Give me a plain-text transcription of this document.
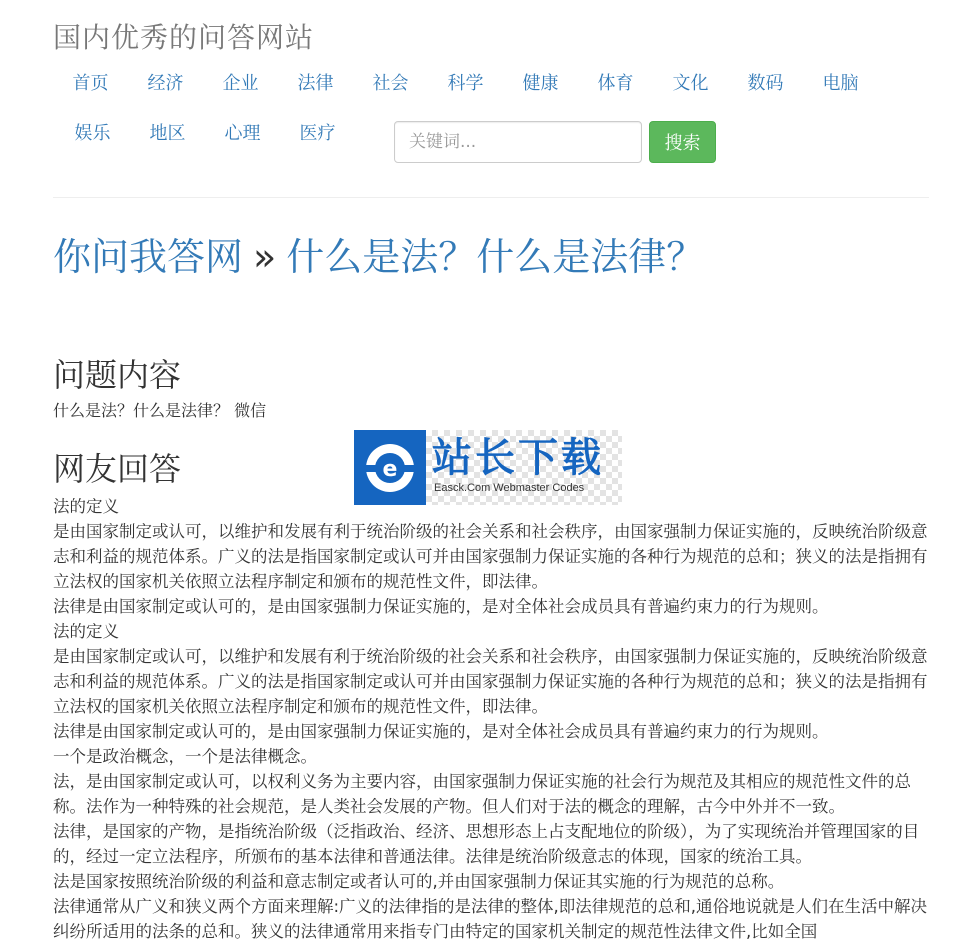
国内优秀的问答网站
首页	经济	企业	法律	社会	科学	健康	体育	文化	数码	电脑
娱乐	地区	心理	医疗
关键词...	搜索
你问我答网 » 什么是法？什么是法律？
问题内容
什么是法？什么是法律？ 微信
网友回答

法的定义

是由国家制定或认可，以维护和发展有利于统治阶级的社会关系和社会秩序，由国家强制力保证实施的，反映统治阶级意志和利益的规范体系。广义的法是指国家制定或认可并由国家强制力保证实施的各种行为规范的总和；狭义的法是指拥有立法权的国家机关依照立法程序制定和颁布的规范性文件，即法律。

法律是由国家制定或认可的，是由国家强制力保证实施的，是对全体社会成员具有普遍约束力的行为规则。

法的定义

是由国家制定或认可，以维护和发展有利于统治阶级的社会关系和社会秩序，由国家强制力保证实施的，反映统治阶级意志和利益的规范体系。广义的法是指国家制定或认可并由国家强制力保证实施的各种行为规范的总和；狭义的法是指拥有立法权的国家机关依照立法程序制定和颁布的规范性文件，即法律。

法律是由国家制定或认可的，是由国家强制力保证实施的，是对全体社会成员具有普遍约束力的行为规则。

一个是政治概念，一个是法律概念。

法，是由国家制定或认可，以权利义务为主要内容，由国家强制力保证实施的社会行为规范及其相应的规范性文件的总称。法作为一种特殊的社会规范，是人类社会发展的产物。但人们对于法的概念的理解，古今中外并不一致。

法律，是国家的产物，是指统治阶级（泛指政治、经济、思想形态上占支配地位的阶级），为了实现统治并管理国家的目的，经过一定立法程序，所颁布的基本法律和普通法律。法律是统治阶级意志的体现，国家的统治工具。

法是国家按照统治阶级的利益和意志制定或者认可的,并由国家强制力保证其实施的行为规范的总称。

法律通常从广义和狭义两个方面来理解:广义的法律指的是法律的整体,即法律规范的总和,通俗地说就是人们在生活中解决纠纷所适用的法条的总和。狭义的法律通常用来指专门由特定的国家机关制定的规范性法律文件,比如全国

e 站长下载
Easck.Com Webmaster Codes
